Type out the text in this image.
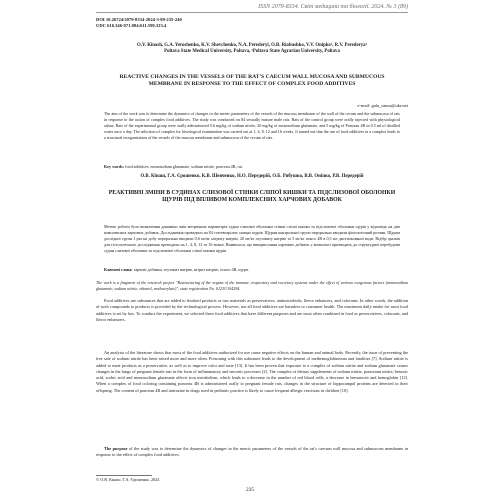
ISSN 2079-8334. Світ медицини та біології. 2024. № 3 (89)
DOI 10.26724/2079-8334-2024-3-89-235-240
UDC 616.346-071.084:611.599.323.4
O.V. Kinash, G.A. Yeroshenko, K.V. Shevchenko, N.A. Perederyi, O.B. Riabushko, V.V. Onipko¹, R.V. Perederya¹
Poltava State Medical University, Poltava, ¹Poltava State Agrarian University, Poltava
REACTIVE CHANGES IN THE VESSELS OF THE RAT'S CAECUM WALL MUCOSA AND SUBMUCOUS MEMBRANE IN RESPONSE TO THE EFFECT OF COMPLEX FOOD ADDITIVES
e-mail: gala_umsa@ukr.net
The aim of the work was to determine the dynamics of changes in the metric parameters of the vessels of the mucous membrane of the wall of the cecum and the submucosa of rats in response to the action of complex food additives. The study was conducted on 84 sexually mature male rats. Rats of the control group were orally injected with physiological saline. Rats of the experimental group were orally administered 0.6 mg/kg of sodium nitrite, 20 mg/kg of monosodium glutamate, and 5 mg/kg of Ponceau 4R in 0.5 ml of distilled water once a day. The selection of complex for histological examination was carried out at 1, 4, 8, 12 and 16 weeks. It turned out that the use of food additives in a complex leads to a structural reorganization of the vessels of the mucous membrane and submucosa of the cecum of rats.
Key words: food additives, monosodium glutamate, sodium nitrite, ponceau 4R, rat.
О.В. Кінаш, Г.А. Єрошенко, К.В. Шевченко, Н.О. Передерій, О.Б. Рябушко, В.В. Оніпко, Р.В. Передерій
РЕАКТИВНІ ЗМІНИ В СУДИНАХ СЛИЗОВОЇ СТІНКИ СЛІПОЇ КИШКИ ТА ПІДСЛИЗОВОЇ ОБОЛОНКИ ЩУРІВ ПІД ВПЛИВОМ КОМПЛЕКСНИХ ХАРЧОВИХ ДОБАВОК
Метою роботи було визначення динаміки змін метричних параметрів судин слизової оболонки стінки сліпої кишки та підслизової оболонки щурів у відповідь на дію комплексних харчових добавок. Дослідження проведено на 84 статевозрілих самцях щурів. Щурам контрольної групи перорально вводили фізіологічний розчин. Щурам дослідної групи 1 раз на добу перорально вводили 0,6 мг/кг нітриту натрію, 20 мг/кг глутамату натрію та 5 мг/кг понсо 4R в 0,5 мл дистильованої води. Відбір зразків для гістологічного дослідження проводили на 1, 4, 8, 12 та 16 тижні. Виявилося, що використання харчових добавок у комплексі призводить до структурної перебудови судин слизової оболонки та підслизової оболонки сліпої кишки щурів.
Ключові слова: харчові добавки, глутамат натрію, нітрит натрію, понсо 4R, щури.
The work is a fragment of the research project "Restructuring of the organs of the immune, respiratory and excretory systems under the effect of various exogenous factors (monosodium glutamate, sodium nitrite, ethanol, methacrylate)", state registration No. 0123U104294.

Food additives are substances that are added to finished products or raw materials as preservatives, antimicrobials, flavor enhancers, and colorants. In other words, the addition of such compounds to products is provided by the technological process. However, not all food additives are harmless to consumer health. The maximum daily intake for most food additives is set by law. To conduct the experiment, we selected three food additives that have different purposes and are most often combined in food as preservatives, colorants, and flavor enhancers.

An analysis of the literature shows that most of the food additives authorized for use cause negative effects on the human and animal body. Recently, the issue of preventing the free sale of sodium nitrite has been raised more and more often. Poisoning with this substance leads to the development of methemoglobinemia and fatalities [7]. Sodium nitrite is added to meat products as a preservative, as well as to improve color and taste [13]. It has been proven that exposure to a complex of sodium nitrite and sodium glutamate causes changes in the lungs of pregnant female rats in the form of inflammatory and necrotic processes [2]. The complex of dietary supplements of sodium nitrite, potassium nitrite, benzoic acid, sorbic acid and monosodium glutamate affects iron metabolism, which leads to a decrease in the number of red blood cells, a decrease in hematocrit and hemoglobin [12]. When a complex of food coloring containing ponceau 4R is administered orally to pregnant female rats, changes in the structure of hippocampal proteins are detected in their offspring. The content of ponceau 4R and tartrazine in drugs used in pediatric practice is likely to cause frequent allergic reactions in children [10].

The purpose of the study was to determine the dynamics of changes in the metric parameters of the vessels of the rat's caecum wall mucosa and submucous membrane in response to the effect of complex food additives.

© О.В. Кінаш, Г.А. Єрошенко, 2024
235
